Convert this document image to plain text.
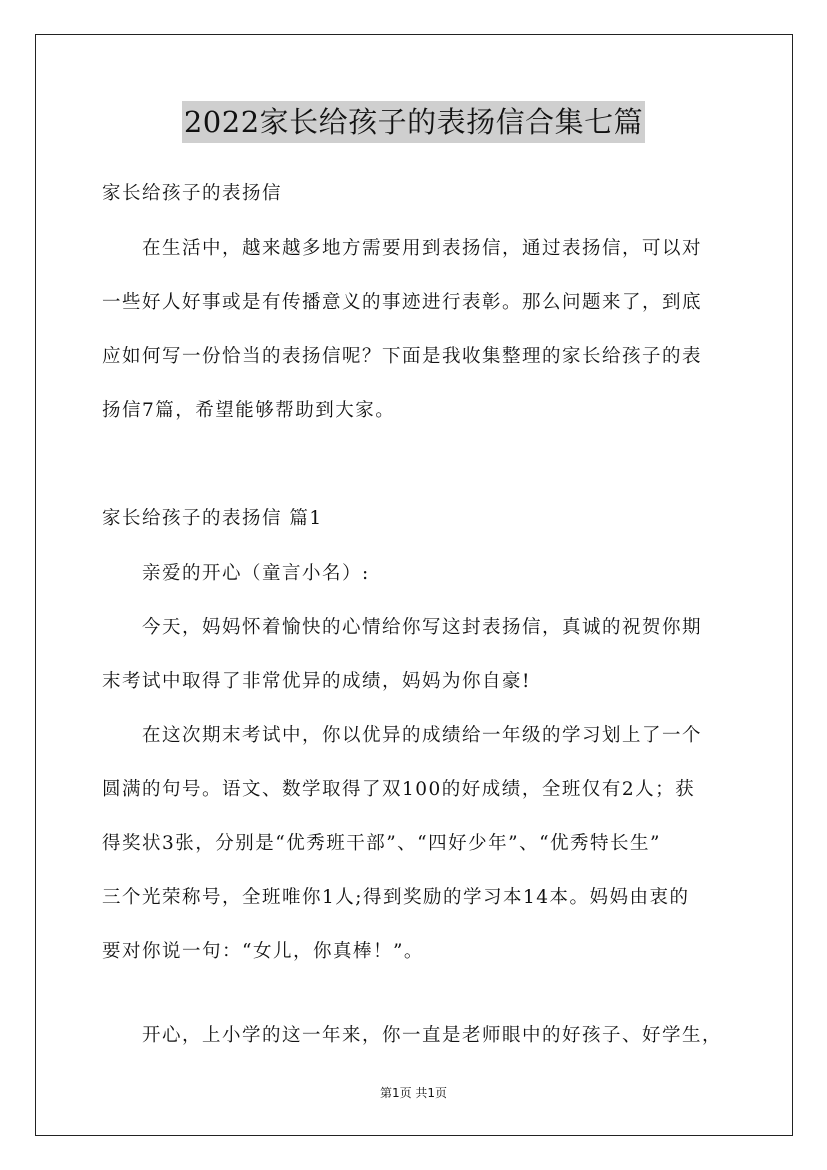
2022家长给孩子的表扬信合集七篇
家长给孩子的表扬信
在生活中，越来越多地方需要用到表扬信，通过表扬信，可以对
一些好人好事或是有传播意义的事迹进行表彰。那么问题来了，到底
应如何写一份恰当的表扬信呢？下面是我收集整理的家长给孩子的表
扬信7篇，希望能够帮助到大家。
家长给孩子的表扬信 篇1
亲爱的开心（童言小名）:
今天，妈妈怀着愉快的心情给你写这封表扬信，真诚的祝贺你期
末考试中取得了非常优异的成绩，妈妈为你自豪!
在这次期末考试中，你以优异的成绩给一年级的学习划上了一个
圆满的句号。语文、数学取得了双100的好成绩，全班仅有2人；获
得奖状3张，分别是“优秀班干部”、“四好少年”、“优秀特长生”
三个光荣称号，全班唯你1人;得到奖励的学习本14本。妈妈由衷的
要对你说一句：“女儿，你真棒！”。
开心，上小学的这一年来，你一直是老师眼中的好孩子、好学生，
第1页 共1页
